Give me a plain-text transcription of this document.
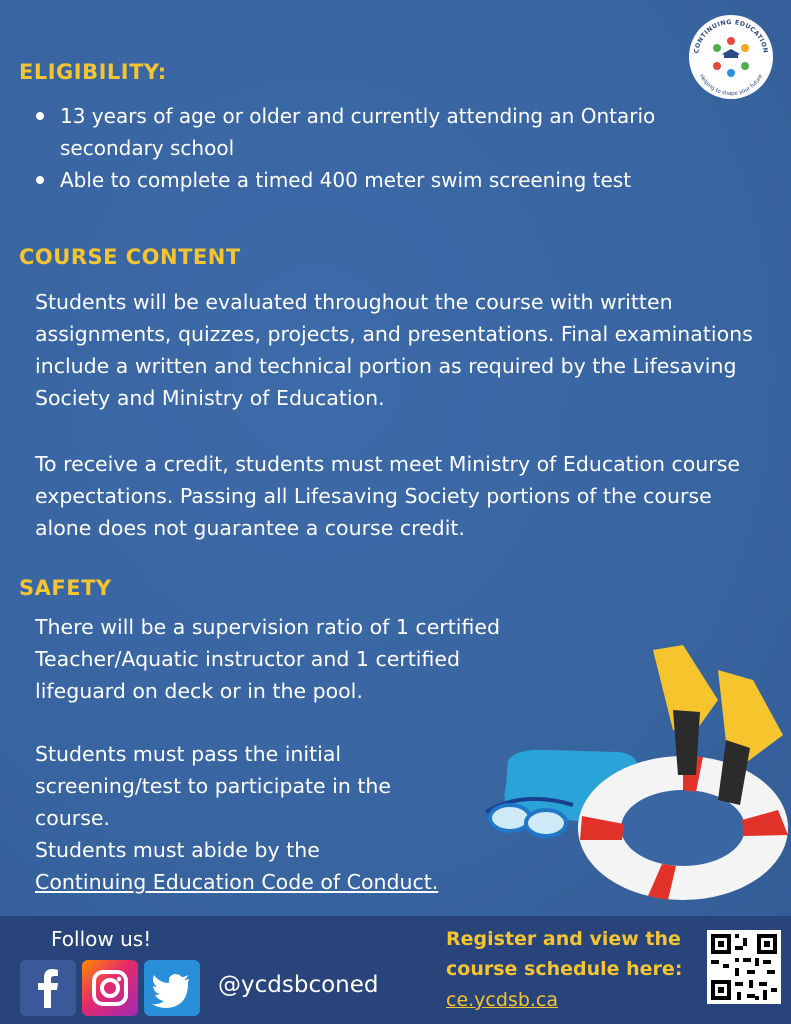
CONTINUING EDUCATION
Helping to shape your future
ELIGIBILITY:
13 years of age or older and currently attending an Ontario secondary school
Able to complete a timed 400 meter swim screening test
COURSE CONTENT

Students will be evaluated throughout the course with written assignments, quizzes, projects, and presentations. Final examinations include a written and technical portion as required by the Lifesaving Society and Ministry of Education.

To receive a credit, students must meet Ministry of Education course expectations. Passing all Lifesaving Society portions of the course alone does not guarantee a course credit.

SAFETY

There will be a supervision ratio of 1 certified Teacher/Aquatic instructor and 1 certified lifeguard on deck or in the pool.

Students must pass the initial screening/test to participate in the course.

Students must abide by the

Continuing Education Code of Conduct.

Follow us!
@ycdsbconed
Register and view the course schedule here:
ce.ycdsb.ca
